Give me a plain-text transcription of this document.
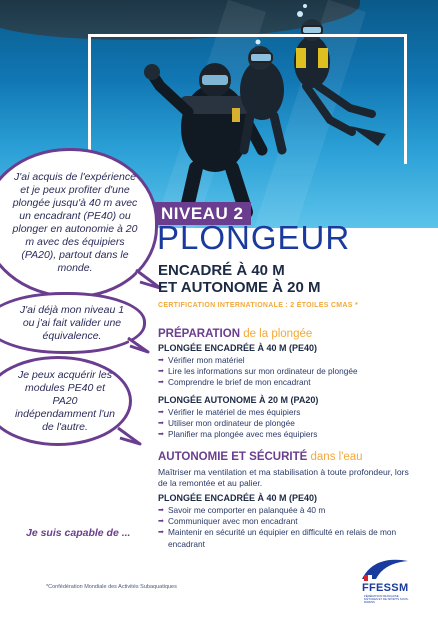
J'ai acquis de l'expérience et je peux profiter d'une plongée jusqu'à 40 m avec un encadrant (PE40) ou plonger en autonomie à 20 m avec des équipiers (PA20), partout dans le monde.
J'ai déjà mon niveau 1 ou j'ai fait valider une équivalence.
Je peux acquérir les modules PE40 et PA20 indépendamment l'un de l'autre.
Je suis capable de ...
NIVEAU 2
PLONGEUR
ENCADRÉ À 40 M
ET AUTONOME À 20 M
CERTIFICATION INTERNATIONALE : 2 ÉTOILES CMAS *
PRÉPARATION de la plongée
PLONGÉE ENCADRÉE À 40 M (PE40)
➡ Vérifier mon matériel
➡ Lire les informations sur mon ordinateur de plongée
➡ Comprendre le brief de mon encadrant
PLONGÉE AUTONOME À 20 M (PA20)
➡ Vérifier le matériel de mes équipiers
➡ Utiliser mon ordinateur de plongée
➡ Planifier ma plongée avec mes équipiers
AUTONOMIE ET SÉCURITÉ dans l'eau
Maîtriser ma ventilation et ma stabilisation à toute profondeur, lors de la remontée et au palier.
PLONGÉE ENCADRÉE À 40 M (PE40)
➡ Savoir me comporter en palanquée à 40 m
➡ Communiquer avec mon encadrant
➡ Maintenir en sécurité un équipier en difficulté en relais de mon encadrant
*Confédération Mondiale des Activités Subaquatiques	FFESSM
FÉDÉRATION FRANÇAISE D'ÉTUDES ET DE SPORTS SOUS-MARINS
